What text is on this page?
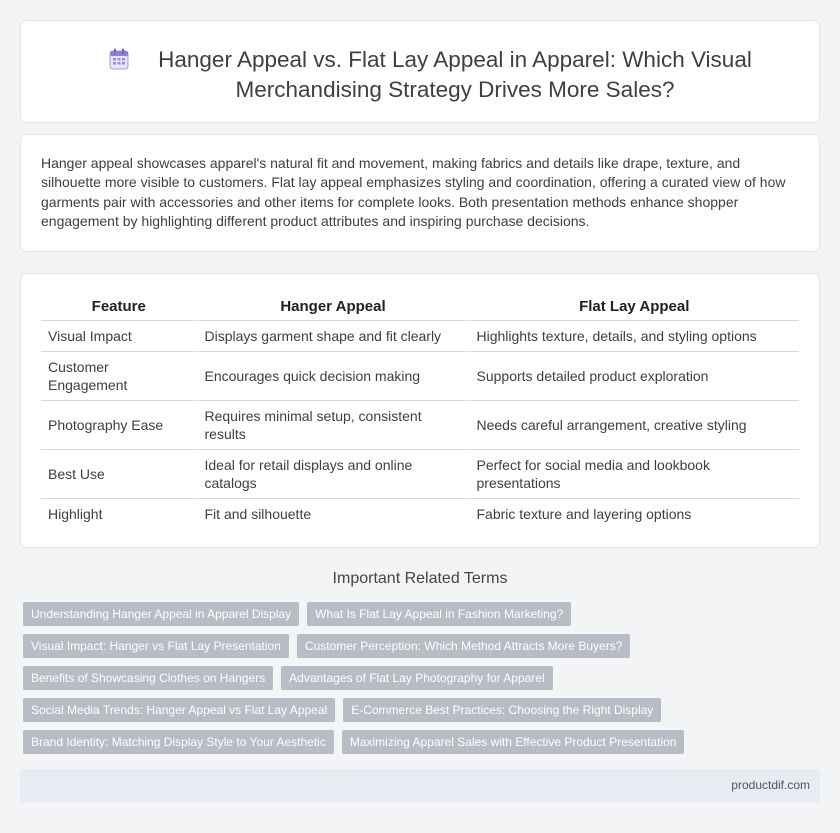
Hanger Appeal vs. Flat Lay Appeal in Apparel: Which Visual Merchandising Strategy Drives More Sales?

Hanger appeal showcases apparel's natural fit and movement, making fabrics and details like drape, texture, and silhouette more visible to customers. Flat lay appeal emphasizes styling and coordination, offering a curated view of how garments pair with accessories and other items for complete looks. Both presentation methods enhance shopper engagement by highlighting different product attributes and inspiring purchase decisions.

Feature	Hanger Appeal	Flat Lay Appeal
Visual Impact	Displays garment shape and fit clearly	Highlights texture, details, and styling options
Customer Engagement	Encourages quick decision making	Supports detailed product exploration
Photography Ease	Requires minimal setup, consistent results	Needs careful arrangement, creative styling
Best Use	Ideal for retail displays and online catalogs	Perfect for social media and lookbook presentations
Highlight	Fit and silhouette	Fabric texture and layering options
Important Related Terms
Understanding Hanger Appeal in Apparel Display	What Is Flat Lay Appeal in Fashion Marketing?
Visual Impact: Hanger vs Flat Lay Presentation	Customer Perception: Which Method Attracts More Buyers?
Benefits of Showcasing Clothes on Hangers	Advantages of Flat Lay Photography for Apparel
Social Media Trends: Hanger Appeal vs Flat Lay Appeal	E-Commerce Best Practices: Choosing the Right Display
Brand Identity: Matching Display Style to Your Aesthetic	Maximizing Apparel Sales with Effective Product Presentation
productdif.com
